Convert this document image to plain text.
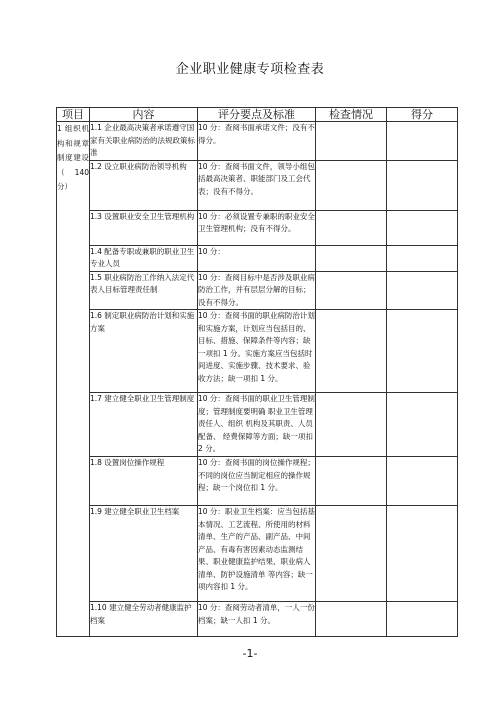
企业职业健康专项检查表
项目	内容	评分要点及标准	检查情况	得分
1 组织机构和规章制度建设（140分）	1.1 企业最高决策者承诺遵守国家有关职业病防治的法规政策标准	10 分：查阅书面承诺文件；没有不得分。		
	1.2 设立职业病防治领导机构	10 分：查阅书面文件，领导小组包括最高决策者、职能部门及工会代表；没有不得分。		
	1.3 设置职业安全卫生管理机构	10 分：必须设置专兼职的职业安全卫生管理机构；没有不得分。		
	1.4 配备专职或兼职的职业卫生专业人员	10 分：		
	1.5 职业病防治工作纳入法定代表人目标管理责任制	10 分：查阅目标中是否涉及职业病防治工作，并有层层分解的目标；没有不得分。		
	1.6 制定职业病防治计划和实施方案	10 分：查阅书面的职业病防治计划和实施方案，计划应当包括目的、目标、措施、保障条件等内容；缺一项扣 1 分。实施方案应当包括时间进度、实施步骤、技术要求、验收方法；缺一项扣 1 分。		
	1.7 建立健全职业卫生管理制度	10 分：查阅书面的职业卫生管理制度；管理制度要明确 职业卫生管理责任人、组织 机构及其职责、人员配备、 经费保障等方面；缺一项扣 2 分。		
	1.8 设置岗位操作规程	10 分：查阅书面的岗位操作规程；不同的岗位应当制定相应的操作规程；缺一个岗位扣 1 分。		
	1.9 建立健全职业卫生档案	10 分：职业卫生档案：应当包括基本情况、工艺流程、所使用的材料清单、生产的产品、副产品、中间产品、有毒有害因素动态监测结果、职业健康监护结果、职业病人清单、防护设施清单 等内容；缺一项内容扣 1 分。		
	1.10 建立健全劳动者健康监护档案	10 分：查阅劳动者清单，一人一份档案；缺一人扣 1 分。		
-1-
